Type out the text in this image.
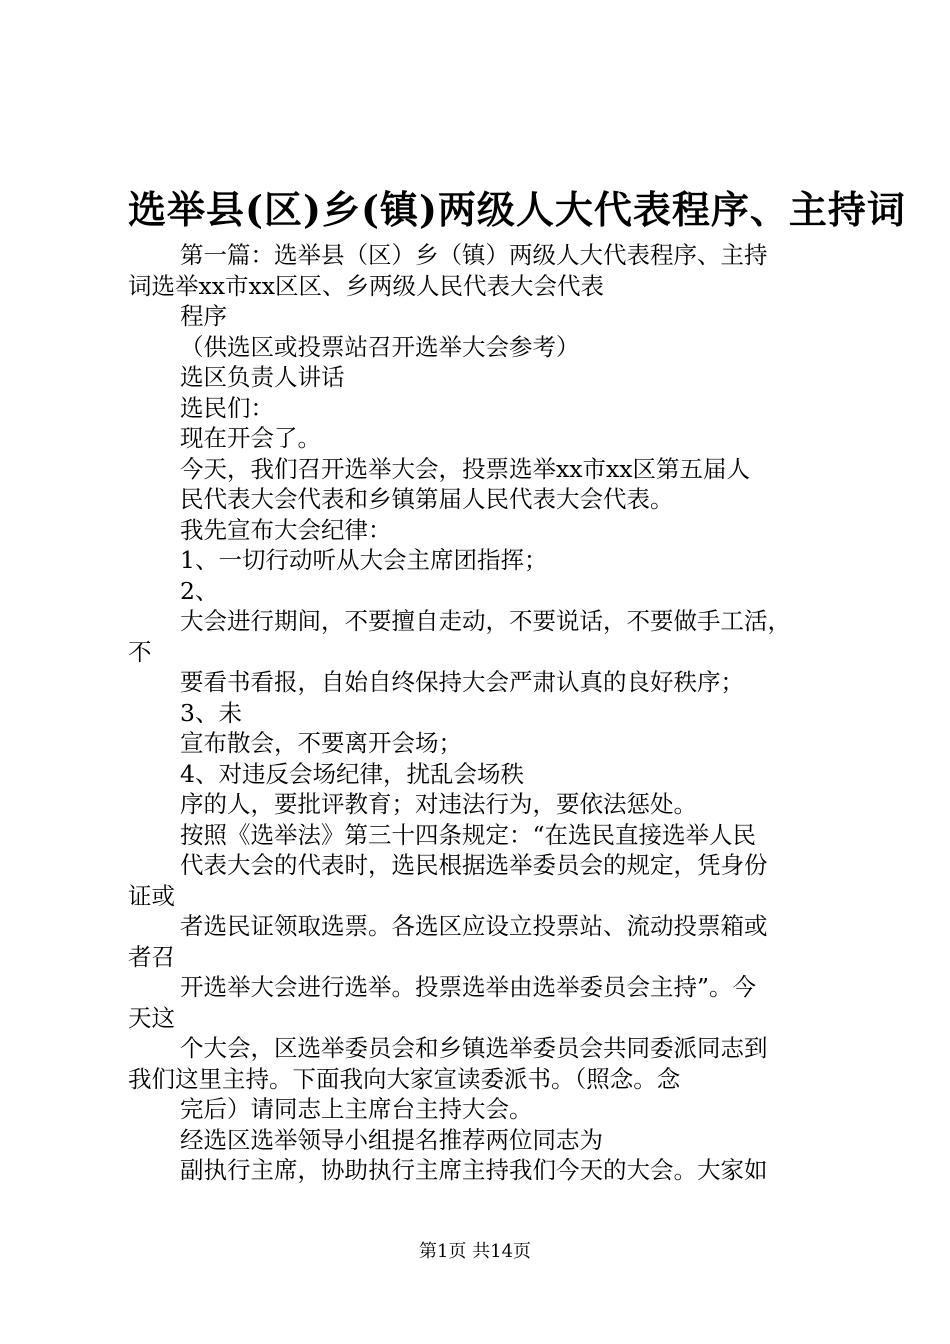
选举县(区)乡(镇)两级人大代表程序、主持词
第一篇：选举县（区）乡（镇）两级人大代表程序、主持
词选举xx市xx区区、乡两级人民代表大会代表
程序
（供选区或投票站召开选举大会参考）
选区负责人讲话
选民们：
现在开会了。
今天，我们召开选举大会，投票选举xx市xx区第五届人
民代表大会代表和乡镇第届人民代表大会代表。
我先宣布大会纪律：
1、一切行动听从大会主席团指挥；
2、
大会进行期间，不要擅自走动，不要说话，不要做手工活，
不
要看书看报，自始自终保持大会严肃认真的良好秩序；
3、未
宣布散会，不要离开会场；
4、对违反会场纪律，扰乱会场秩
序的人，要批评教育；对违法行为，要依法惩处。
按照《选举法》第三十四条规定：“在选民直接选举人民
代表大会的代表时，选民根据选举委员会的规定，凭身份
证或
者选民证领取选票。各选区应设立投票站、流动投票箱或
者召
开选举大会进行选举。投票选举由选举委员会主持”。今
天这
个大会，区选举委员会和乡镇选举委员会共同委派同志到
我们这里主持。下面我向大家宣读委派书。（照念。念
完后）请同志上主席台主持大会。
经选区选举领导小组提名推荐两位同志为
副执行主席，协助执行主席主持我们今天的大会。大家如
第1页 共14页
